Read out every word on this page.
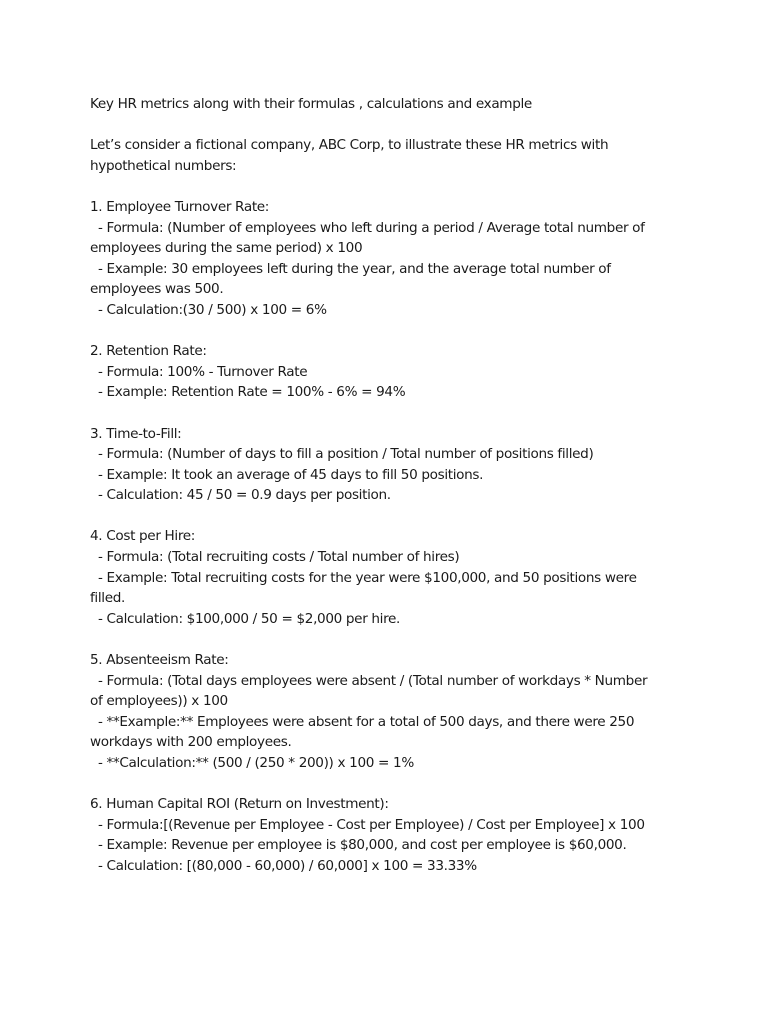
Key HR metrics along with their formulas , calculations and example

Let’s consider a fictional company, ABC Corp, to illustrate these HR metrics with

hypothetical numbers:

1. Employee Turnover Rate:

- Formula: (Number of employees who left during a period / Average total number of

employees during the same period) x 100

- Example: 30 employees left during the year, and the average total number of

employees was 500.

- Calculation:(30 / 500) x 100 = 6%

2. Retention Rate:

- Formula: 100% - Turnover Rate

- Example: Retention Rate = 100% - 6% = 94%

3. Time-to-Fill:

- Formula: (Number of days to fill a position / Total number of positions filled)

- Example: It took an average of 45 days to fill 50 positions.

- Calculation: 45 / 50 = 0.9 days per position.

4. Cost per Hire:

- Formula: (Total recruiting costs / Total number of hires)

- Example: Total recruiting costs for the year were $100,000, and 50 positions were

filled.

- Calculation: $100,000 / 50 = $2,000 per hire.

5. Absenteeism Rate:

- Formula: (Total days employees were absent / (Total number of workdays * Number

of employees)) x 100

- **Example:** Employees were absent for a total of 500 days, and there were 250

workdays with 200 employees.

- **Calculation:** (500 / (250 * 200)) x 100 = 1%

6. Human Capital ROI (Return on Investment):

- Formula:[(Revenue per Employee - Cost per Employee) / Cost per Employee] x 100

- Example: Revenue per employee is $80,000, and cost per employee is $60,000.

- Calculation: [(80,000 - 60,000) / 60,000] x 100 = 33.33%
